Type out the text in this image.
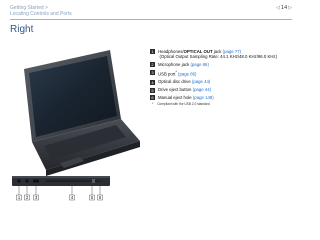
Getting Started >
Locating Controls and Ports
◁ 14 ▷
Right
1 2 3	4	5 6
1	Headphones/OPTICAL OUT jack (page 77)
(Optical Output Sampling Rate: 44.1 KHz/48.0 KHz/96.0 KHz)
2	Microphone jack (page 86)
3	USB port* (page 86)
4	Optical disc drive (page 44)
5	Drive eject button (page 44)
6	Manual eject hole (page 148)
* Compliant with the USB 2.0 standard.
